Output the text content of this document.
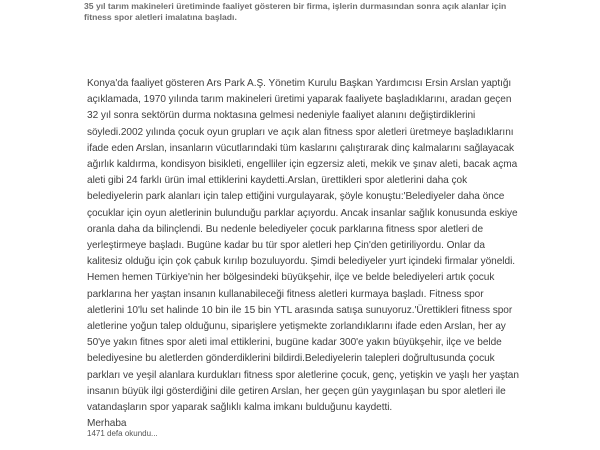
35 yıl tarım makineleri üretiminde faaliyet gösteren bir firma, işlerin durmasından sonra açık alanlar için
fitness spor aletleri imalatına başladı.
Konya'da faaliyet gösteren Ars Park A.Ş. Yönetim Kurulu Başkan Yardımcısı Ersin Arslan yaptığı
açıklamada, 1970 yılında tarım makineleri üretimi yaparak faaliyete başladıklarını, aradan geçen
32 yıl sonra sektörün durma noktasına gelmesi nedeniyle faaliyet alanını değiştirdiklerini
söyledi.2002 yılında çocuk oyun grupları ve açık alan fitness spor aletleri üretmeye başladıklarını
ifade eden Arslan, insanların vücutlarındaki tüm kaslarını çalıştırarak dinç kalmalarını sağlayacak
ağırlık kaldırma, kondisyon bisikleti, engelliler için egzersiz aleti, mekik ve şınav aleti, bacak açma
aleti gibi 24 farklı ürün imal ettiklerini kaydetti.Arslan, ürettikleri spor aletlerini daha çok
belediyelerin park alanları için talep ettiğini vurgulayarak, şöyle konuştu:'Belediyeler daha önce
çocuklar için oyun aletlerinin bulunduğu parklar açıyordu. Ancak insanlar sağlık konusunda eskiye
oranla daha da bilinçlendi. Bu nedenle belediyeler çocuk parklarına fitness spor aletleri de
yerleştirmeye başladı. Bugüne kadar bu tür spor aletleri hep Çin'den getiriliyordu. Onlar da
kalitesiz olduğu için çok çabuk kırılıp bozuluyordu. Şimdi belediyeler yurt içindeki firmalar yöneldi.
Hemen hemen Türkiye'nin her bölgesindeki büyükşehir, ilçe ve belde belediyeleri artık çocuk
parklarına her yaştan insanın kullanabileceği fitness aletleri kurmaya başladı. Fitness spor
aletlerini 10'lu set halinde 10 bin ile 15 bin YTL arasında satışa sunuyoruz.'Ürettikleri fitness spor
aletlerine yoğun talep olduğunu, siparişlere yetişmekte zorlandıklarını ifade eden Arslan, her ay
50'ye yakın fitnes spor aleti imal ettiklerini, bugüne kadar 300'e yakın büyükşehir, ilçe ve belde
belediyesine bu aletlerden gönderdiklerini bildirdi.Belediyelerin talepleri doğrultusunda çocuk
parkları ve yeşil alanlara kurdukları fitness spor aletlerine çocuk, genç, yetişkin ve yaşlı her yaştan
insanın büyük ilgi gösterdiğini dile getiren Arslan, her geçen gün yaygınlaşan bu spor aletleri ile
vatandaşların spor yaparak sağlıklı kalma imkanı bulduğunu kaydetti.
Merhaba
1471 defa okundu...
